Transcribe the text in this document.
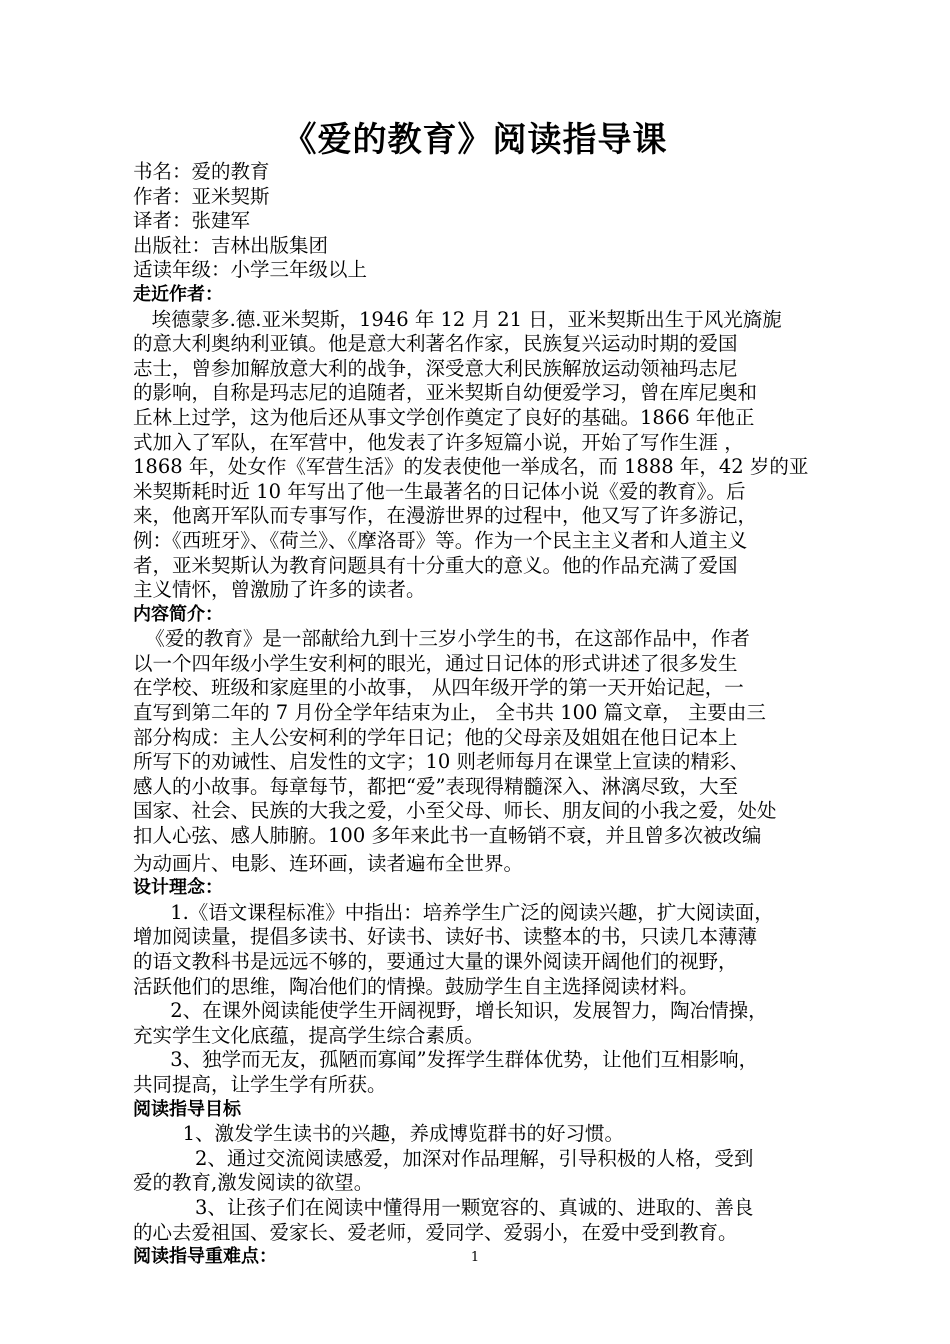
《爱的教育》阅读指导课
书名：爱的教育
作者：亚米契斯
译者：张建军
出版社：吉林出版集团
适读年级：小学三年级以上
走近作者：
埃德蒙多.德.亚米契斯，1946 年 12 月 21 日，亚米契斯出生于风光旖旎
的意大利奥纳利亚镇。他是意大利著名作家，民族复兴运动时期的爱国
志士，曾参加解放意大利的战争，深受意大利民族解放运动领袖玛志尼
的影响，自称是玛志尼的追随者，亚米契斯自幼便爱学习，曾在库尼奥和
丘林上过学，这为他后还从事文学创作奠定了良好的基础。1866 年他正
式加入了军队，在军营中，他发表了许多短篇小说，开始了写作生涯 ，
1868 年，处女作《军营生活》的发表使他一举成名，而 1888 年，42 岁的亚
米契斯耗时近 10 年写出了他一生最著名的日记体小说《爱的教育》。后
来，他离开军队而专事写作，在漫游世界的过程中，他又写了许多游记，
例：《西班牙》、《荷兰》、《摩洛哥》等。作为一个民主主义者和人道主义
者，亚米契斯认为教育问题具有十分重大的意义。他的作品充满了爱国
主义情怀，曾激励了许多的读者。
内容简介：
《爱的教育》是一部献给九到十三岁小学生的书，在这部作品中，作者
以一个四年级小学生安利柯的眼光，通过日记体的形式讲述了很多发生
在学校、班级和家庭里的小故事， 从四年级开学的第一天开始记起，一
直写到第二年的 7 月份全学年结束为止， 全书共 100 篇文章， 主要由三
部分构成：主人公安柯利的学年日记；他的父母亲及姐姐在他日记本上
所写下的劝诫性、启发性的文字；10 则老师每月在课堂上宣读的精彩、
感人的小故事。每章每节，都把“爱”表现得精髓深入、淋漓尽致，大至
国家、社会、民族的大我之爱，小至父母、师长、朋友间的小我之爱，处处
扣人心弦、感人肺腑。100 多年来此书一直畅销不衰，并且曾多次被改编
为动画片、电影、连环画，读者遍布全世界。
设计理念：
1.《语文课程标准》中指出：培养学生广泛的阅读兴趣，扩大阅读面，
增加阅读量，提倡多读书、好读书、读好书、读整本的书，只读几本薄薄
的语文教科书是远远不够的，要通过大量的课外阅读开阔他们的视野，
活跃他们的思维，陶冶他们的情操。鼓励学生自主选择阅读材料。
2、在课外阅读能使学生开阔视野，增长知识，发展智力，陶冶情操，
充实学生文化底蕴，提高学生综合素质。
3、独学而无友，孤陋而寡闻”发挥学生群体优势，让他们互相影响，
共同提高，让学生学有所获。
阅读指导目标
1、激发学生读书的兴趣，养成博览群书的好习惯。
2、通过交流阅读感爱，加深对作品理解，引导积极的人格，受到
爱的教育,激发阅读的欲望。
3、让孩子们在阅读中懂得用一颗宽容的、真诚的、进取的、善良
的心去爱祖国、爱家长、爱老师，爱同学、爱弱小，在爱中受到教育。
阅读指导重难点：	1
